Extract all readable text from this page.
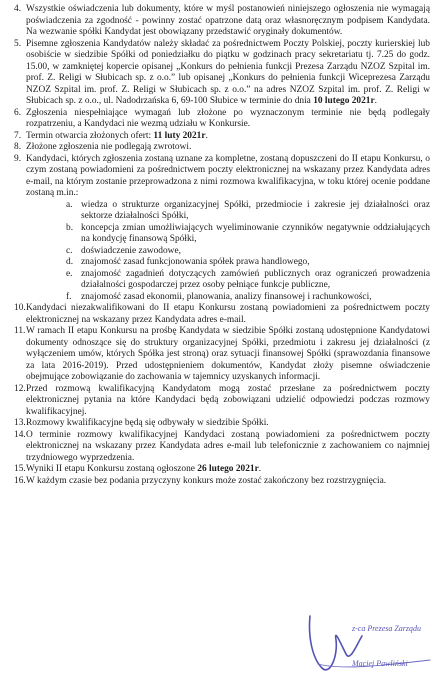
4. Wszystkie oświadczenia lub dokumenty, które w myśl postanowień niniejszego ogłoszenia nie wymagają poświadczenia za zgodność - powinny zostać opatrzone datą oraz własnoręcznym podpisem Kandydata. Na wezwanie spółki Kandydat jest obowiązany przedstawić oryginały dokumentów.
5. Pisemne zgłoszenia Kandydatów należy składać za pośrednictwem Poczty Polskiej, poczty kurierskiej lub osobiście w siedzibie Spółki od poniedziałku do piątku w godzinach pracy sekretariatu tj. 7.25 do godz. 15.00, w zamkniętej kopercie opisanej „Konkurs do pełnienia funkcji Prezesa Zarządu NZOZ Szpital im. prof. Z. Religi w Słubicach sp. z o.o.” lub opisanej „Konkurs do pełnienia funkcji Wiceprezesa Zarządu NZOZ Szpital im. prof. Z. Religi w Słubicach sp. z o.o.” na adres NZOZ Szpital im. prof. Z. Religi w Słubicach sp. z o.o., ul. Nadodrzańska 6, 69-100 Słubice w terminie do dnia 10 lutego 2021r.
6. Zgłoszenia niespełniające wymagań lub złożone po wyznaczonym terminie nie będą podlegały rozpatrzeniu, a Kandydaci nie wezmą udziału w Konkursie.
7. Termin otwarcia złożonych ofert: 11 luty 2021r.
8. Złożone zgłoszenia nie podlegają zwrotowi.
9. Kandydaci, których zgłoszenia zostaną uznane za kompletne, zostaną dopuszczeni do II etapu Konkursu, o czym zostaną powiadomieni za pośrednictwem poczty elektronicznej na wskazany przez Kandydata adres e-mail, na którym zostanie przeprowadzona z nimi rozmowa kwalifikacyjna, w toku której ocenie poddane zostaną m.in.:
a. wiedza o strukturze organizacyjnej Spółki, przedmiocie i zakresie jej działalności oraz sektorze działalności Spółki,
b. koncepcja zmian umożliwiających wyeliminowanie czynników negatywnie oddziałujących na kondycję finansową Spółki,
c. doświadczenie zawodowe,
d. znajomość zasad funkcjonowania spółek prawa handlowego,
e. znajomość zagadnień dotyczących zamówień publicznych oraz ograniczeń prowadzenia działalności gospodarczej przez osoby pełniące funkcje publiczne,
f. znajomość zasad ekonomii, planowania, analizy finansowej i rachunkowości,
10. Kandydaci niezakwalifikowani do II etapu Konkursu zostaną powiadomieni za pośrednictwem poczty elektronicznej na wskazany przez Kandydata adres e-mail.
11. W ramach II etapu Konkursu na prośbę Kandydata w siedzibie Spółki zostaną udostępnione Kandydatowi dokumenty odnoszące się do struktury organizacyjnej Spółki, przedmiotu i zakresu jej działalności (z wyłączeniem umów, których Spółka jest stroną) oraz sytuacji finansowej Spółki (sprawozdania finansowe za lata 2016-2019). Przed udostępnieniem dokumentów, Kandydat złoży pisemne oświadczenie obejmujące zobowiązanie do zachowania w tajemnicy uzyskanych informacji.
12. Przed rozmową kwalifikacyjną Kandydatom mogą zostać przesłane za pośrednictwem poczty elektronicznej pytania na które Kandydaci będą zobowiązani udzielić odpowiedzi podczas rozmowy kwalifikacyjnej.
13. Rozmowy kwalifikacyjne będą się odbywały w siedzibie Spółki.
14. O terminie rozmowy kwalifikacyjnej Kandydaci zostaną powiadomieni za pośrednictwem poczty elektronicznej na wskazany przez Kandydata adres e-mail lub telefonicznie z zachowaniem co najmniej trzydniowego wyprzedzenia.
15. Wyniki II etapu Konkursu zostaną ogłoszone 26 lutego 2021r.
16. W każdym czasie bez podania przyczyny konkurs może zostać zakończony bez rozstrzygnięcia.
z-ca Prezesa Zarządu
Maciej Pawliński
